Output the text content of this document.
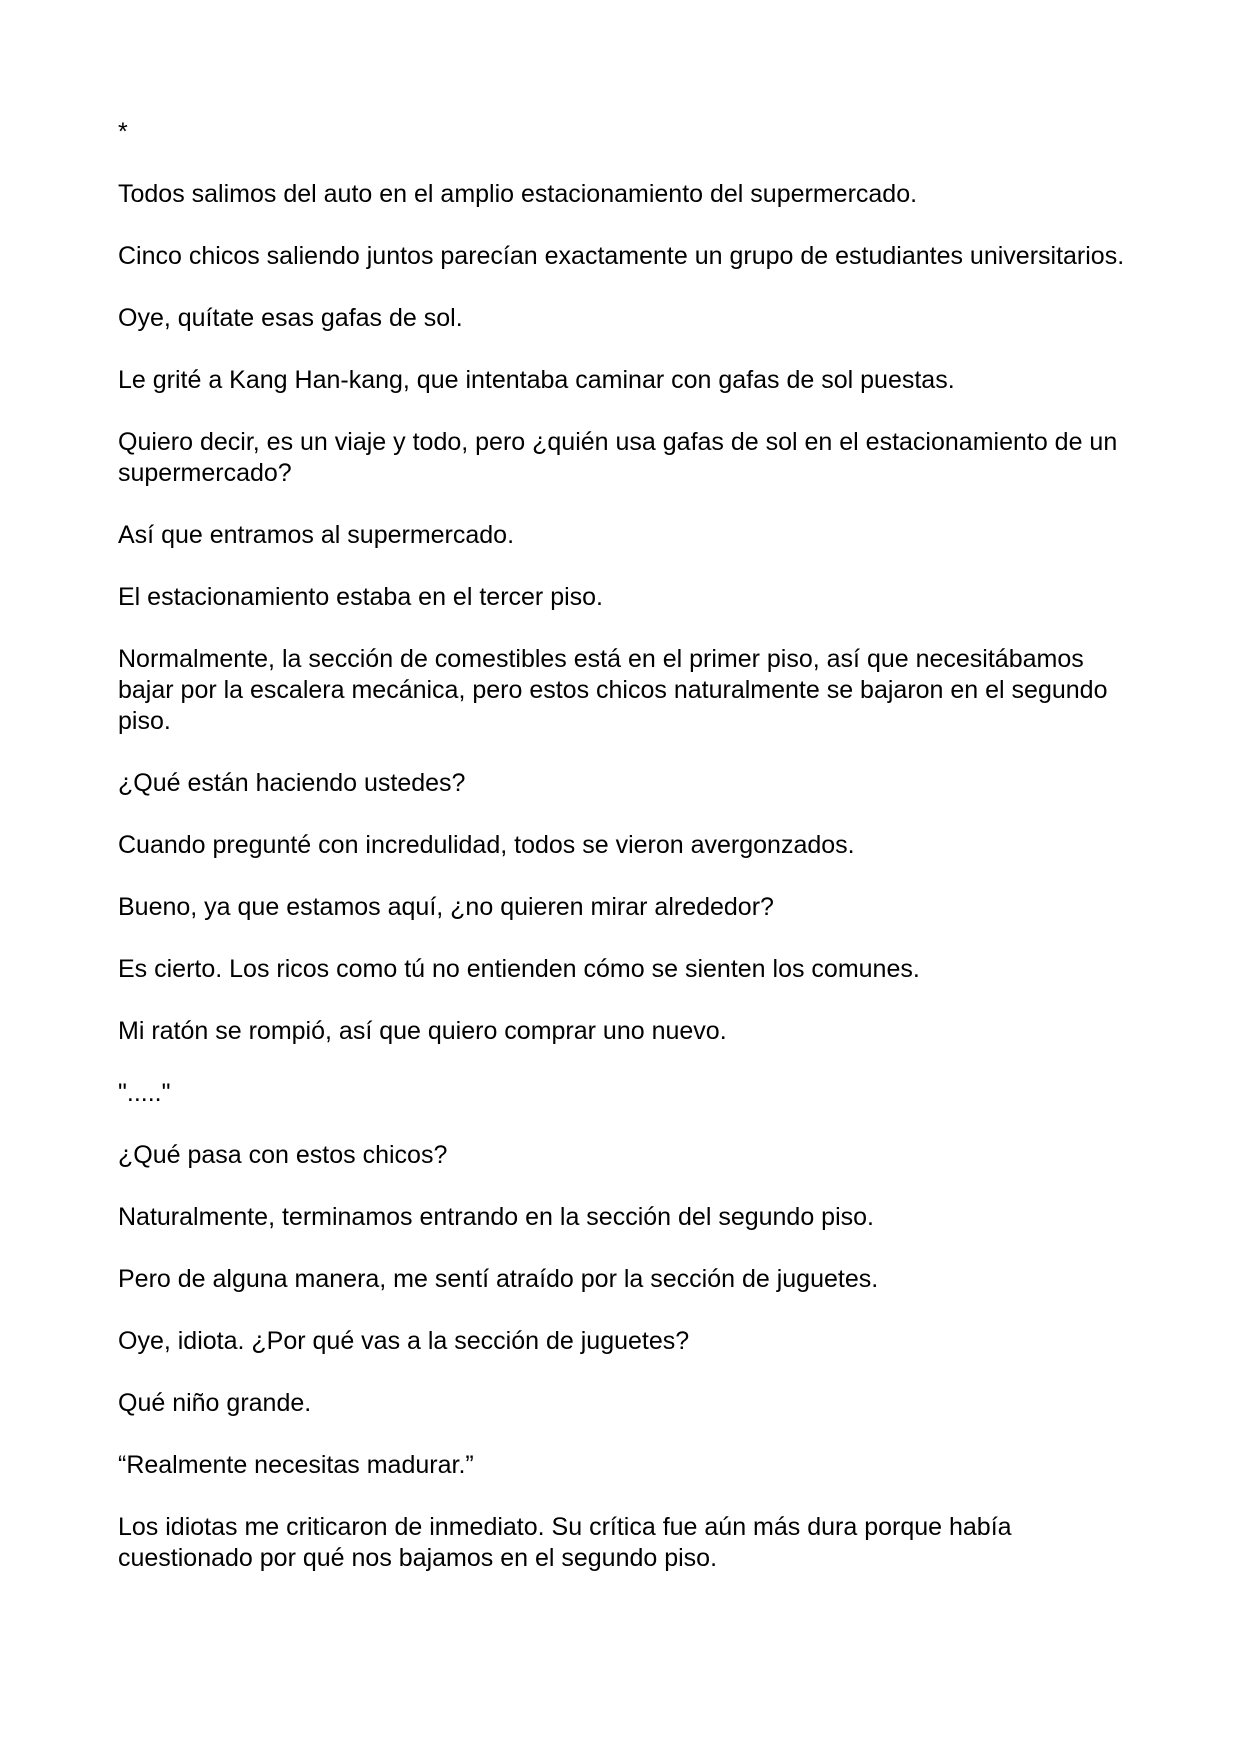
*

Todos salimos del auto en el amplio estacionamiento del supermercado.

Cinco chicos saliendo juntos parecían exactamente un grupo de estudiantes universitarios.

Oye, quítate esas gafas de sol.

Le grité a Kang Han-kang, que intentaba caminar con gafas de sol puestas.

Quiero decir, es un viaje y todo, pero ¿quién usa gafas de sol en el estacionamiento de un supermercado?

Así que entramos al supermercado.

El estacionamiento estaba en el tercer piso.

Normalmente, la sección de comestibles está en el primer piso, así que necesitábamos bajar por la escalera mecánica, pero estos chicos naturalmente se bajaron en el segundo piso.

¿Qué están haciendo ustedes?

Cuando pregunté con incredulidad, todos se vieron avergonzados.

Bueno, ya que estamos aquí, ¿no quieren mirar alrededor?

Es cierto. Los ricos como tú no entienden cómo se sienten los comunes.

Mi ratón se rompió, así que quiero comprar uno nuevo.

"....."

¿Qué pasa con estos chicos?

Naturalmente, terminamos entrando en la sección del segundo piso.

Pero de alguna manera, me sentí atraído por la sección de juguetes.

Oye, idiota. ¿Por qué vas a la sección de juguetes?

Qué niño grande.

“Realmente necesitas madurar.”

Los idiotas me criticaron de inmediato. Su crítica fue aún más dura porque había cuestionado por qué nos bajamos en el segundo piso.
